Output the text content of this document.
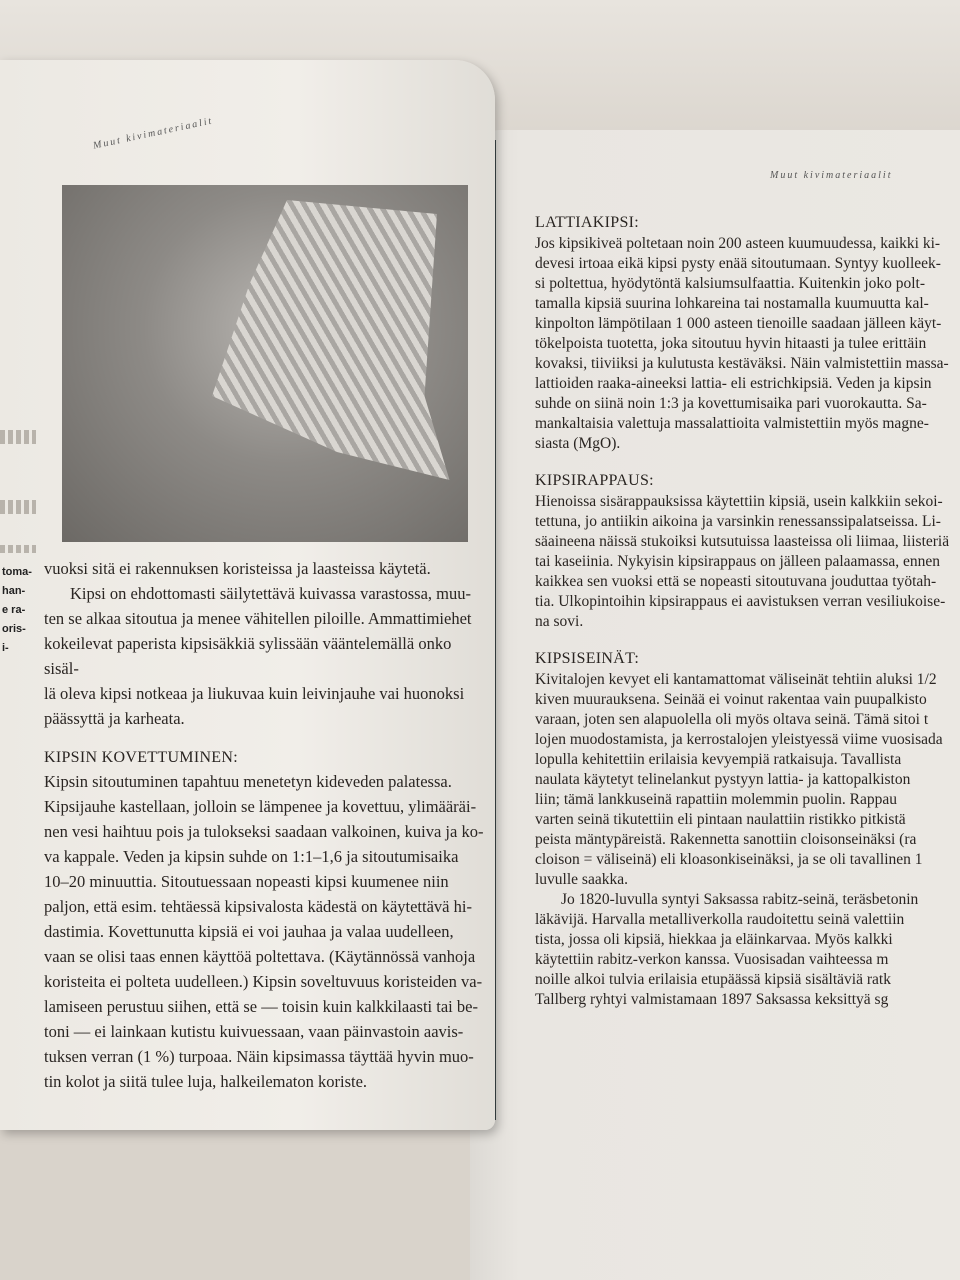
Muut kivimateriaalit
Muut kivimateriaalit
toma-
han-
e ra-
oris-
i-
vuoksi sitä ei rakennuksen koristeissa ja laasteissa käytetä.
Kipsi on ehdottomasti säilytettävä kuivassa varastossa, muu-
ten se alkaa sitoutua ja menee vähitellen piloille. Ammattimiehet
kokeilevat paperista kipsisäkkiä sylissään vääntelemällä onko sisäl-
lä oleva kipsi notkeaa ja liukuvaa kuin leivinjauhe vai huonoksi
päässyttä ja karheata.
KIPSIN KOVETTUMINEN:
Kipsin sitoutuminen tapahtuu menetetyn kideveden palatessa.
Kipsijauhe kastellaan, jolloin se lämpenee ja kovettuu, ylimääräi-
nen vesi haihtuu pois ja tulokseksi saadaan valkoinen, kuiva ja ko-
va kappale. Veden ja kipsin suhde on 1:1–1,6 ja sitoutumisaika
10–20 minuuttia. Sitoutuessaan nopeasti kipsi kuumenee niin
paljon, että esim. tehtäessä kipsivalosta kädestä on käytettävä hi-
dastimia. Kovettunutta kipsiä ei voi jauhaa ja valaa uudelleen,
vaan se olisi taas ennen käyttöä poltettava. (Käytännössä vanhoja
koristeita ei polteta uudelleen.) Kipsin soveltuvuus koristeiden va-
lamiseen perustuu siihen, että se — toisin kuin kalkkilaasti tai be-
toni — ei lainkaan kutistu kuivuessaan, vaan päinvastoin aavis-
tuksen verran (1 %) turpoaa. Näin kipsimassa täyttää hyvin muo-
tin kolot ja siitä tulee luja, halkeilematon koriste.
LATTIAKIPSI:
Jos kipsikiveä poltetaan noin 200 asteen kuumuudessa, kaikki ki-
devesi irtoaa eikä kipsi pysty enää sitoutumaan. Syntyy kuolleek-
si poltettua, hyödytöntä kalsiumsulfaattia. Kuitenkin joko polt-
tamalla kipsiä suurina lohkareina tai nostamalla kuumuutta kal-
kinpolton lämpötilaan 1 000 asteen tienoille saadaan jälleen käyt-
tökelpoista tuotetta, joka sitoutuu hyvin hitaasti ja tulee erittäin
kovaksi, tiiviiksi ja kulutusta kestäväksi. Näin valmistettiin massa-
lattioiden raaka-aineeksi lattia- eli estrichkipsiä. Veden ja kipsin
suhde on siinä noin 1:3 ja kovettumisaika pari vuorokautta. Sa-
mankaltaisia valettuja massalattioita valmistettiin myös magne-
siasta (MgO).
KIPSIRAPPAUS:
Hienoissa sisärappauksissa käytettiin kipsiä, usein kalkkiin sekoi-
tettuna, jo antiikin aikoina ja varsinkin renessanssipalatseissa. Li-
säaineena näissä stukoiksi kutsutuissa laasteissa oli liimaa, liisteriä
tai kaseiinia. Nykyisin kipsirappaus on jälleen palaamassa, ennen
kaikkea sen vuoksi että se nopeasti sitoutuvana jouduttaa työtah-
tia. Ulkopintoihin kipsirappaus ei aavistuksen verran vesiliukoise-
na sovi.
KIPSISEINÄT:
Kivitalojen kevyet eli kantamattomat väliseinät tehtiin aluksi 1/2
kiven muurauksena. Seinää ei voinut rakentaa vain puupalkisto
varaan, joten sen alapuolella oli myös oltava seinä. Tämä sitoi t
lojen muodostamista, ja kerrostalojen yleistyessä viime vuosisada
lopulla kehitettiin erilaisia kevyempiä ratkaisuja. Tavallista
naulata käytetyt telinelankut pystyyn lattia- ja kattopalkiston
liin; tämä lankkuseinä rapattiin molemmin puolin. Rappau
varten seinä tikutettiin eli pintaan naulattiin ristikko pitkistä
peista mäntypäreistä. Rakennetta sanottiin cloisonseinäksi (ra
cloison = väliseinä) eli kloasonkiseinäksi, ja se oli tavallinen 1
luvulle saakka.
Jo 1820-luvulla syntyi Saksassa rabitz-seinä, teräsbetonin
läkävijä. Harvalla metalliverkolla raudoitettu seinä valettiin
tista, jossa oli kipsiä, hiekkaa ja eläinkarvaa. Myös kalkki
käytettiin rabitz-verkon kanssa. Vuosisadan vaihteessa m
noille alkoi tulvia erilaisia etupäässä kipsiä sisältäviä ratk
Tallberg ryhtyi valmistamaan 1897 Saksassa keksittyä sg
